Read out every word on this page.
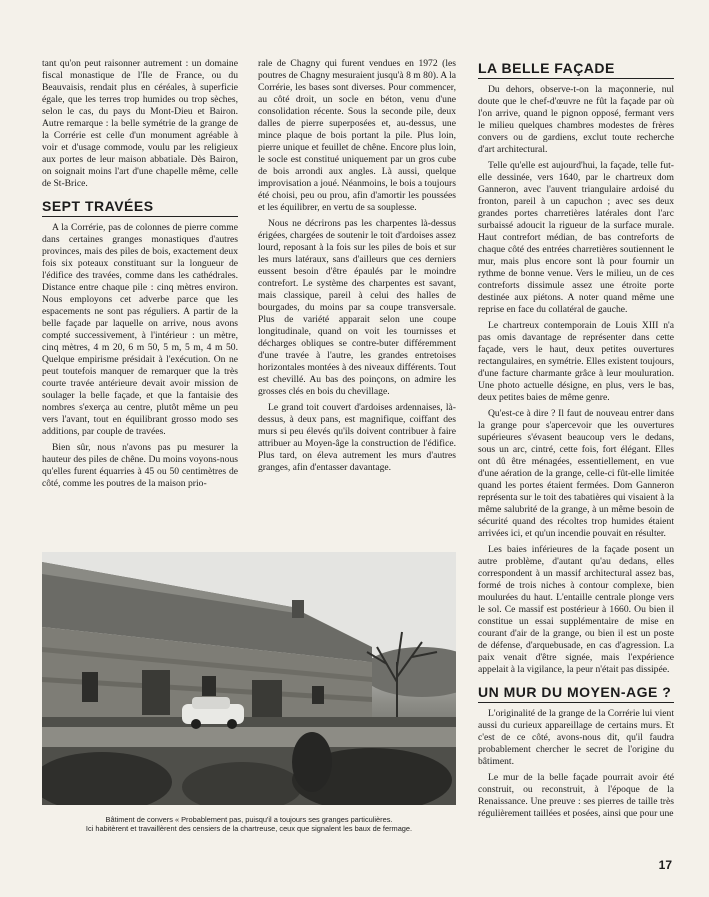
tant qu'on peut raisonner autrement : un domaine fiscal monastique de l'Ile de France, ou du Beauvaisis, rendait plus en céréales, à superficie égale, que les terres trop humides ou trop sèches, selon le cas, du pays du Mont-Dieu et Bairon. Autre remarque : la belle symétrie de la grange de la Corrérie est celle d'un monument agréable à voir et d'usage commode, voulu par les religieux aux portes de leur maison abbatiale. Dès Bairon, on soignait moins l'art d'une chapelle même, celle de St-Brice.

SEPT TRAVÉES

A la Corrérie, pas de colonnes de pierre comme dans certaines granges monastiques d'autres provinces, mais des piles de bois, exactement deux fois six poteaux constituant sur la longueur de l'édifice des travées, comme dans les cathédrales. Distance entre chaque pile : cinq mètres environ. Nous employons cet adverbe parce que les espacements ne sont pas réguliers. A partir de la belle façade par laquelle on arrive, nous avons compté successivement, à l'intérieur : un mètre, cinq mètres, 4 m 20, 6 m 50, 5 m, 5 m, 4 m 50. Quelque empirisme présidait à l'exécution. On ne peut toutefois manquer de remarquer que la très courte travée antérieure devait avoir mission de soulager la belle façade, et que la fantaisie des nombres s'exerça au centre, plutôt même un peu vers l'avant, tout en équilibrant grosso modo ses additions, par couple de travées.

Bien sûr, nous n'avons pas pu mesurer la hauteur des piles de chêne. Du moins voyons-nous qu'elles furent équarries à 45 ou 50 centimètres de côté, comme les poutres de la maison prio-

rale de Chagny qui furent vendues en 1972 (les poutres de Chagny mesuraient jusqu'à 8 m 80). A la Corrérie, les bases sont diverses. Pour commencer, au côté droit, un socle en béton, venu d'une consolidation récente. Sous la seconde pile, deux dalles de pierre superposées et, au-dessus, une mince plaque de bois portant la pile. Plus loin, pierre unique et feuillet de chêne. Encore plus loin, le socle est constitué uniquement par un gros cube de bois arrondi aux angles. Là aussi, quelque improvisation a joué. Néanmoins, le bois a toujours été choisi, peu ou prou, afin d'amortir les poussées et les équilibrer, en vertu de sa souplesse.

Nous ne décrirons pas les charpentes là-dessus érigées, chargées de soutenir le toit d'ardoises assez lourd, reposant à la fois sur les piles de bois et sur les murs latéraux, sans d'ailleurs que ces derniers eussent besoin d'être épaulés par le moindre contrefort. Le système des charpentes est savant, mais classique, pareil à celui des halles de bourgades, du moins par sa coupe transversale. Plus de variété apparait selon une coupe longitudinale, quand on voit les tournisses et décharges obliques se contre-buter différemment d'une travée à l'autre, les grandes entretoises horizontales montées à des niveaux différents. Tout est chevillé. Au bas des poinçons, on admire les grosses clés en bois du chevillage.

Le grand toit couvert d'ardoises ardennaises, là-dessus, à deux pans, est magnifique, coiffant des murs si peu élevés qu'ils doivent contribuer à faire attribuer au Moyen-âge la construction de l'édifice. Plus tard, on éleva autrement les murs d'autres granges, afin d'entasser davantage.

LA BELLE FAÇADE

Du dehors, observe-t-on la maçonnerie, nul doute que le chef-d'œuvre ne fût la façade par où l'on arrive, quand le pignon opposé, fermant vers le milieu quelques chambres modestes de frères convers ou de gardiens, exclut toute recherche d'art architectural.

Telle qu'elle est aujourd'hui, la façade, telle fut-elle dessinée, vers 1640, par le chartreux dom Ganneron, avec l'auvent triangulaire ardoisé du fronton, pareil à un capuchon ; avec ses deux grandes portes charretières latérales dont l'arc surbaissé adoucit la rigueur de la surface murale. Haut contrefort médian, de bas contreforts de chaque côté des entrées charretières soutiennent le mur, mais plus encore sont là pour fournir un rythme de bonne venue. Vers le milieu, un de ces contreforts dissimule assez une étroite porte destinée aux piétons. A noter quand même une reprise en face du collatéral de gauche.

Le chartreux contemporain de Louis XIII n'a pas omis davantage de représenter dans cette façade, vers le haut, deux petites ouvertures rectangulaires, en symétrie. Elles existent toujours, d'une facture charmante grâce à leur mouluration. Une photo actuelle désigne, en plus, vers le bas, deux petites baies de même genre.

Qu'est-ce à dire ? Il faut de nouveau entrer dans la grange pour s'apercevoir que les ouvertures supérieures s'évasent beaucoup vers le dedans, sous un arc, cintré, cette fois, fort élégant. Elles ont dû être ménagées, essentiellement, en vue d'une aération de la grange, celle-ci fût-elle limitée quand les portes étaient fermées. Dom Ganneron représenta sur le toit des tabatières qui visaient à la même salubrité de la grange, à un même besoin de sécurité quand des récoltes trop humides étaient arrivées ici, et qu'un incendie pouvait en résulter.

Les baies inférieures de la façade posent un autre problème, d'autant qu'au dedans, elles correspondent à un massif architectural assez bas, formé de trois niches à contour complexe, bien moulurées du haut. L'entaille centrale plonge vers le sol. Ce massif est postérieur à 1660. Ou bien il constitue un essai supplémentaire de mise en courant d'air de la grange, ou bien il est un poste de défense, d'arquebusade, en cas d'agression. La paix venait d'être signée, mais l'expérience appelait à la vigilance, la peur n'était pas dissipée.

UN MUR DU MOYEN-AGE ?

L'originalité de la grange de la Corrérie lui vient aussi du curieux appareillage de certains murs. Et c'est de ce côté, avons-nous dit, qu'il faudra probablement chercher le secret de l'origine du bâtiment.

Le mur de la belle façade pourrait avoir été construit, ou reconstruit, à l'époque de la Renaissance. Une preuve : ses pierres de taille très régulièrement taillées et posées, ainsi que pour une

Bâtiment de convers « Probablement pas, puisqu'il a toujours ses granges particulières.
Ici habitèrent et travaillèrent des censiers de la chartreuse, ceux que signalent les baux de fermage.
17
